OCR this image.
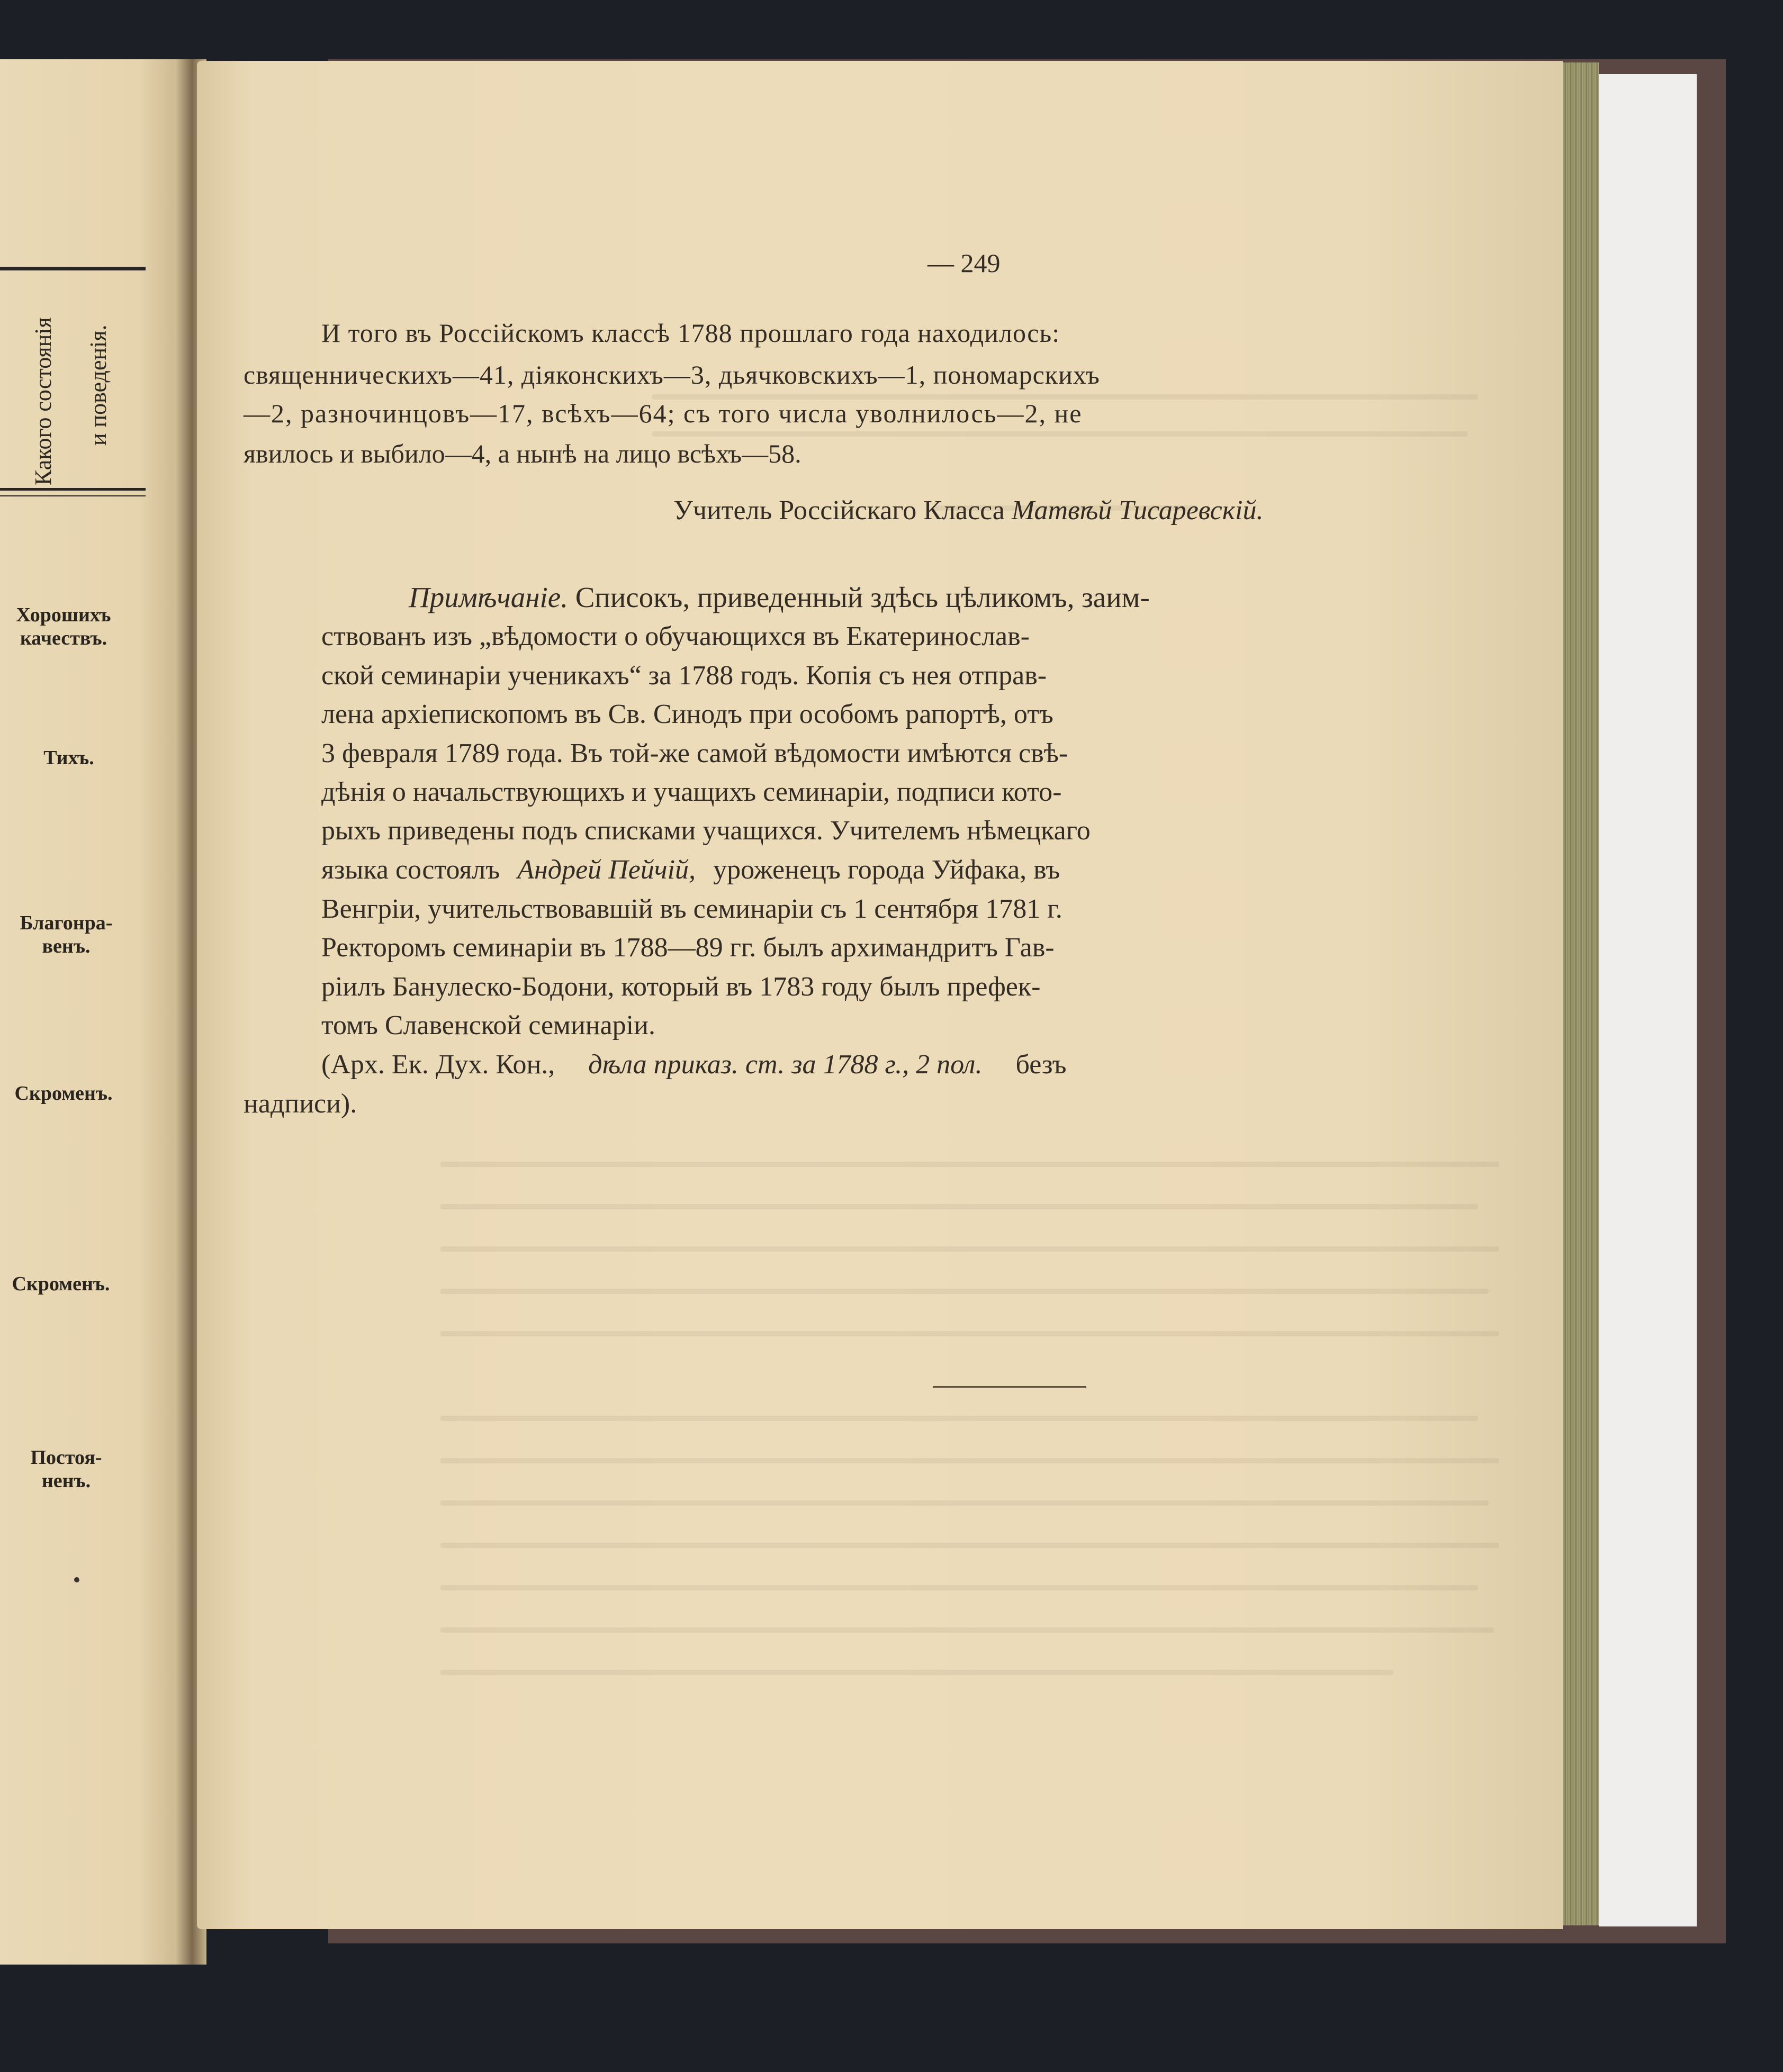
Какого состоянія и поведенія.
Хорошихъ
качествъ.
Тихъ.
Благонра-
венъ.
Скроменъ.
Скроменъ.
Постоя-
ненъ.
— 249
И того въ Россійскомъ классѣ 1788 прошлаго года находилось:
священническихъ—41, діяконскихъ—3, дьячковскихъ—1, пономарскихъ
—2, разночинцовъ—17, всѣхъ—64; съ того числа уволнилось—2, не
явилось и выбило—4, а нынѣ на лицо всѣхъ—58.
Учитель Россійскаго Класса Матвѣй Тисаревскій.
Примѣчаніе. Списокъ, приведенный здѣсь цѣликомъ, заим-
ствованъ изъ „вѣдомости о обучающихся въ Екатеринослав-
ской семинаріи ученикахъ“ за 1788 годъ. Копія съ нея отправ-
лена архіепископомъ въ Св. Синодъ при особомъ рапортѣ, отъ
3 февраля 1789 года. Въ той-же самой вѣдомости имѣются свѣ-
дѣнія о начальствующихъ и учащихъ семинаріи, подписи кото-
рыхъ приведены подъ списками учащихся. Учителемъ нѣмецкаго
языка состоялъ Андрей Пейчій, уроженецъ города Уйфака, въ
Венгріи, учительствовавшій въ семинаріи съ 1 сентября 1781 г.
Ректоромъ семинаріи въ 1788—89 гг. былъ архимандритъ Гав-
ріилъ Банулеско-Бодони, который въ 1783 году былъ префек-
томъ Славенской семинаріи.
(Арх. Ек. Дух. Кон., дѣла приказ. ст. за 1788 г., 2 пол. безъ
надписи).
